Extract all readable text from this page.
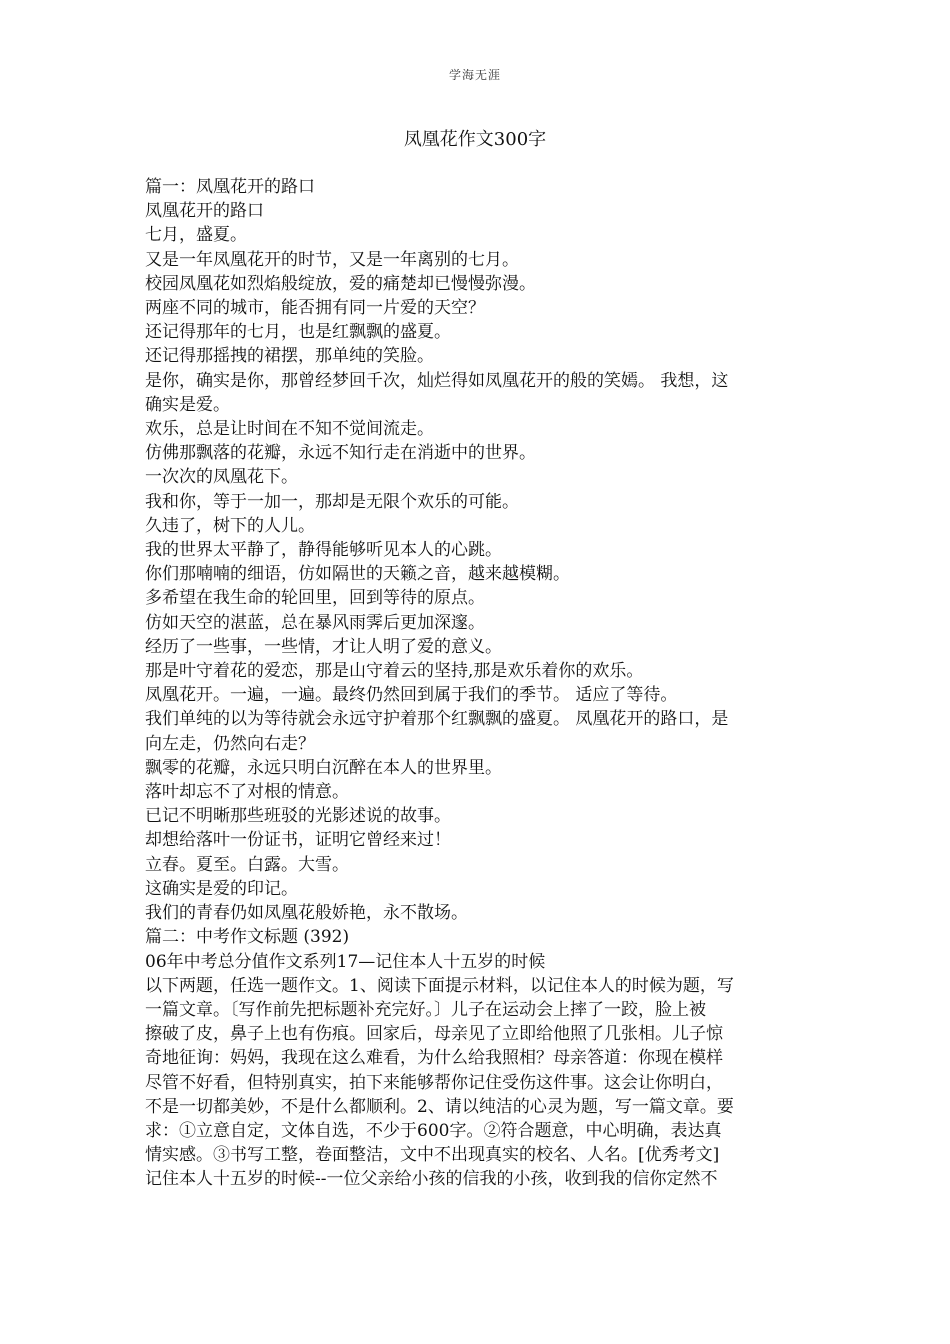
学海无涯
凤凰花作文300字

篇一：凤凰花开的路口

凤凰花开的路口

七月，盛夏。

又是一年凤凰花开的时节，又是一年离别的七月。

校园凤凰花如烈焰般绽放，爱的痛楚却已慢慢弥漫。

两座不同的城市，能否拥有同一片爱的天空？

还记得那年的七月，也是红飘飘的盛夏。

还记得那摇拽的裙摆，那单纯的笑脸。

是你，确实是你，那曾经梦回千次，灿烂得如凤凰花开的般的笑嫣。 我想，这

确实是爱。

欢乐，总是让时间在不知不觉间流走。

仿佛那飘落的花瓣，永远不知行走在消逝中的世界。

一次次的凤凰花下。

我和你，等于一加一，那却是无限个欢乐的可能。

久违了，树下的人儿。

我的世界太平静了，静得能够听见本人的心跳。

你们那喃喃的细语，仿如隔世的天籁之音，越来越模糊。

多希望在我生命的轮回里，回到等待的原点。

仿如天空的湛蓝，总在暴风雨霁后更加深邃。

经历了一些事，一些情，才让人明了爱的意义。

那是叶守着花的爱恋，那是山守着云的坚持,那是欢乐着你的欢乐。

凤凰花开。一遍，一遍。最终仍然回到属于我们的季节。 适应了等待。

我们单纯的以为等待就会永远守护着那个红飘飘的盛夏。 凤凰花开的路口，是

向左走，仍然向右走？

飘零的花瓣，永远只明白沉醉在本人的世界里。

落叶却忘不了对根的情意。

已记不明晰那些班驳的光影述说的故事。

却想给落叶一份证书，证明它曾经来过！

立春。夏至。白露。大雪。

这确实是爱的印记。

我们的青春仍如凤凰花般娇艳，永不散场。

篇二：中考作文标题 (392)

06年中考总分值作文系列17—记住本人十五岁的时候

以下两题，任选一题作文。1、阅读下面提示材料，以记住本人的时候为题，写

一篇文章。〔写作前先把标题补充完好。〕儿子在运动会上摔了一跤，脸上被

擦破了皮，鼻子上也有伤痕。回家后，母亲见了立即给他照了几张相。儿子惊

奇地征询：妈妈，我现在这么难看，为什么给我照相？母亲答道：你现在模样

尽管不好看，但特别真实，拍下来能够帮你记住受伤这件事。这会让你明白，

不是一切都美妙，不是什么都顺利。2、请以纯洁的心灵为题，写一篇文章。要

求：①立意自定，文体自选，不少于600字。②符合题意，中心明确，表达真

情实感。③书写工整，卷面整洁，文中不出现真实的校名、人名。[优秀考文]

记住本人十五岁的时候--一位父亲给小孩的信我的小孩，收到我的信你定然不
